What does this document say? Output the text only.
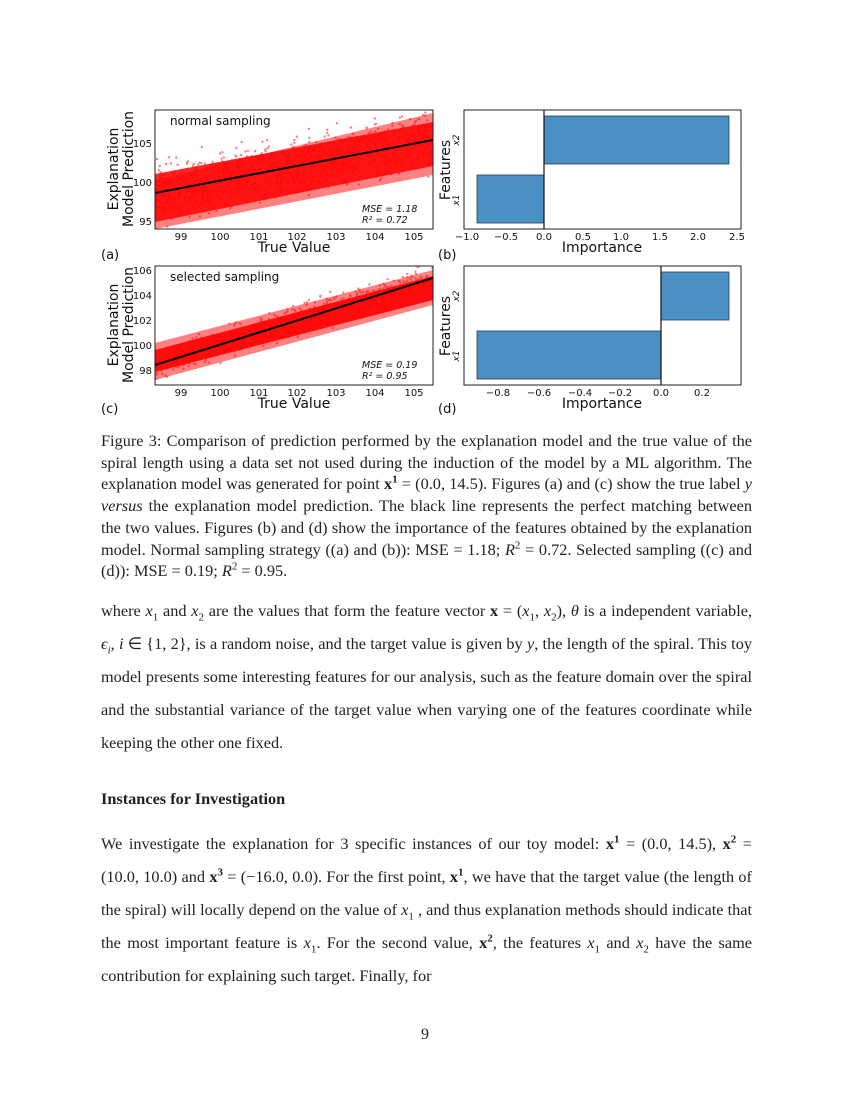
normal sampling
MSE = 1.18
R² = 0.72
105
100
95
99 100 101 102 103 104 105
True Value
Explanation Model Prediction
(a)
−1.0 −0.5 0.0 0.5 1.0 1.5 2.0 2.5
x1
x2
Importance
Features
(b)
selected sampling
MSE = 0.19
R² = 0.95
106
104
102
100
98
99 100 101 102 103 104 105
True Value
Explanation Model Prediction
(c)
−0.8 −0.6 −0.4 −0.2 0.0	0.2
x1
x2
Importance
Features
(d)
Figure 3: Comparison of prediction performed by the explanation model and the true value of the spiral length using a data set not used during the induction of the model by a ML algorithm. The explanation model was generated for point $x^1 = (0.0$, 14.5). Figures (a) and (c) show the true label y versus the explanation model prediction. The black line represents the perfect matching between the two values. Figures (b) and (d) show the importance of the features obtained by the explanation model. Normal sampling strategy ((a) and (b)): MSE = 1.18; $R^2 = 0.72$. Selected sampling ((c) and (d)): MSE = 0.19; $R^2 = 0.95$.
where $x_1$ and $x_2$ are the values that form the feature vector $x = (x_1$, $x_2$), θ is a independent variable, $\epsilon_i$, i ∈ {1, 2}, is a random noise, and the target value is given by y, the length of the spiral. This toy model presents some interesting features for our analysis, such as the feature domain over the spiral and the substantial variance of the target value when varying one of the features coordinate while keeping the other one fixed.
Instances for Investigation
We investigate the explanation for 3 specific instances of our toy model: $x^1 = (0.0$, 14.5), $x^2 = (10.0$, 10.0) and $x^3 = (-16.0$, 0.0). For the first point, $x^1$, we have that the target value (the length of the spiral) will locally depend on the value of $x_1$ , and thus explanation methods should indicate that the most important feature is $x_1$. For the second value, $x^2$, the features $x_1$ and $x_2$ have the same contribution for explaining such target. Finally, for
9
